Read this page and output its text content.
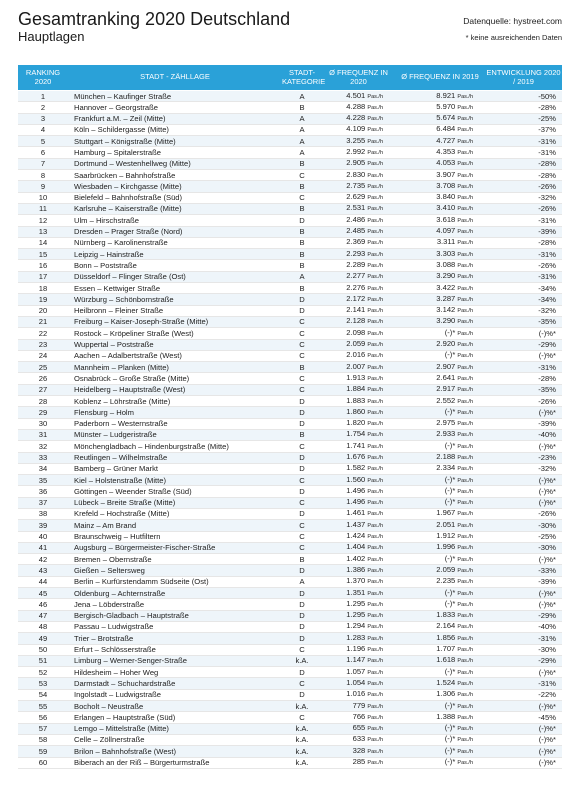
Gesamtranking 2020 Deutschland
Hauptlagen
Datenquelle: hystreet.com
* keine ausreichenden Daten
RANKING 2020	STADT - ZÄHLLAGE	STADT-KATEGORIE
Ø FREQUENZ IN 2020	Ø FREQUENZ IN 2019	ENTWICKLUNG 2020 / 2019
1	München – Kaufinger Straße	A	4.501 Pas./h	8.921 Pas./h	-50%
2	Hannover – Georgstraße	B	4.288 Pas./h	5.970 Pas./h	-28%
3	Frankfurt a.M. – Zeil (Mitte)	A	4.228 Pas./h	5.674 Pas./h	-25%
4	Köln – Schildergasse (Mitte)	A	4.109 Pas./h	6.484 Pas./h	-37%
5	Stuttgart – Königstraße (Mitte)	A	3.255 Pas./h	4.727 Pas./h	-31%
6	Hamburg – Spitalerstraße	A	2.992 Pas./h	4.353 Pas./h	-31%
7	Dortmund – Westenhellweg (Mitte)	B	2.905 Pas./h	4.053 Pas./h	-28%
8	Saarbrücken – Bahnhofstraße	C	2.830 Pas./h	3.907 Pas./h	-28%
9	Wiesbaden – Kirchgasse (Mitte)	B	2.735 Pas./h	3.708 Pas./h	-26%
10	Bielefeld – Bahnhofstraße (Süd)	C	2.629 Pas./h	3.840 Pas./h	-32%
11	Karlsruhe – Kaiserstraße (Mitte)	B	2.531 Pas./h	3.410 Pas./h	-26%
12	Ulm – Hirschstraße	D	2.486 Pas./h	3.618 Pas./h	-31%
13	Dresden – Prager Straße (Nord)	B	2.485 Pas./h	4.097 Pas./h	-39%
14	Nürnberg – Karolinenstraße	B	2.369 Pas./h	3.311 Pas./h	-28%
15	Leipzig – Hainstraße	B	2.293 Pas./h	3.303 Pas./h	-31%
16	Bonn – Poststraße	B	2.289 Pas./h	3.088 Pas./h	-26%
17	Düsseldorf – Flinger Straße (Ost)	A	2.277 Pas./h	3.290 Pas./h	-31%
18	Essen – Kettwiger Straße	B	2.276 Pas./h	3.422 Pas./h	-34%
19	Würzburg – Schönbornstraße	D	2.172 Pas./h	3.287 Pas./h	-34%
20	Heilbronn – Fleiner Straße	D	2.141 Pas./h	3.142 Pas./h	-32%
21	Freiburg – Kaiser-Joseph-Straße (Mitte)	C	2.128 Pas./h	3.290 Pas./h	-35%
22	Rostock – Kröpeliner Straße (West)	C	2.098 Pas./h	(-)* Pas./h	(-)%*
23	Wuppertal – Poststraße	C	2.059 Pas./h	2.920 Pas./h	-29%
24	Aachen – Adalbertstraße (West)	C	2.016 Pas./h	(-)* Pas./h	(-)%*
25	Mannheim – Planken (Mitte)	B	2.007 Pas./h	2.907 Pas./h	-31%
26	Osnabrück – Große Straße (Mitte)	C	1.913 Pas./h	2.641 Pas./h	-28%
27	Heidelberg – Hauptstraße (West)	C	1.884 Pas./h	2.917 Pas./h	-35%
28	Koblenz – Löhrstraße (Mitte)	D	1.883 Pas./h	2.552 Pas./h	-26%
29	Flensburg – Holm	D	1.860 Pas./h	(-)* Pas./h	(-)%*
30	Paderborn – Westernstraße	D	1.820 Pas./h	2.975 Pas./h	-39%
31	Münster – Ludgeristraße	B	1.754 Pas./h	2.933 Pas./h	-40%
32	Mönchengladbach – Hindenburgstraße (Mitte)	C	1.741 Pas./h	(-)* Pas./h	(-)%*
33	Reutlingen – Wilhelmstraße	D	1.676 Pas./h	2.188 Pas./h	-23%
34	Bamberg – Grüner Markt	D	1.582 Pas./h	2.334 Pas./h	-32%
35	Kiel – Holstenstraße (Mitte)	C	1.560 Pas./h	(-)* Pas./h	(-)%*
36	Göttingen – Weender Straße (Süd)	D	1.496 Pas./h	(-)* Pas./h	(-)%*
37	Lübeck – Breite Straße (Mitte)	C	1.496 Pas./h	(-)* Pas./h	(-)%*
38	Krefeld – Hochstraße (Mitte)	D	1.461 Pas./h	1.967 Pas./h	-26%
39	Mainz – Am Brand	C	1.437 Pas./h	2.051 Pas./h	-30%
40	Braunschweig – Hutfiltern	C	1.424 Pas./h	1.912 Pas./h	-25%
41	Augsburg – Bürgermeister-Fischer-Straße	C	1.404 Pas./h	1.996 Pas./h	-30%
42	Bremen – Obernstraße	B	1.402 Pas./h	(-)* Pas./h	(-)%*
43	Gießen – Seltersweg	D	1.386 Pas./h	2.059 Pas./h	-33%
44	Berlin – Kurfürstendamm Südseite (Ost)	A	1.370 Pas./h	2.235 Pas./h	-39%
45	Oldenburg – Achternstraße	D	1.351 Pas./h	(-)* Pas./h	(-)%*
46	Jena – Löbderstraße	D	1.295 Pas./h	(-)* Pas./h	(-)%*
47	Bergisch-Gladbach – Hauptstraße	D	1.295 Pas./h	1.833 Pas./h	-29%
48	Passau – Ludwigstraße	D	1.294 Pas./h	2.164 Pas./h	-40%
49	Trier – Brotstraße	D	1.283 Pas./h	1.856 Pas./h	-31%
50	Erfurt – Schlösserstraße	C	1.196 Pas./h	1.707 Pas./h	-30%
51	Limburg – Werner-Senger-Straße	k.A.	1.147 Pas./h	1.618 Pas./h	-29%
52	Hildesheim – Hoher Weg	D	1.057 Pas./h	(-)* Pas./h	(-)%*
53	Darmstadt – Schuchardstraße	C	1.054 Pas./h	1.524 Pas./h	-31%
54	Ingolstadt – Ludwigstraße	D	1.016 Pas./h	1.306 Pas./h	-22%
55	Bocholt – Neustraße	k.A.	779 Pas./h	(-)* Pas./h	(-)%*
56	Erlangen – Hauptstraße (Süd)	C	766 Pas./h	1.388 Pas./h	-45%
57	Lemgo – Mittelstraße (Mitte)	k.A.	655 Pas./h	(-)* Pas./h	(-)%*
58	Celle – Zöllnerstraße	k.A.	633 Pas./h	(-)* Pas./h	(-)%*
59	Brilon – Bahnhofstraße (West)	k.A.	328 Pas./h	(-)* Pas./h	(-)%*
60	Biberach an der Riß – Bürgerturmstraße	k.A.	285 Pas./h	(-)* Pas./h	(-)%*
